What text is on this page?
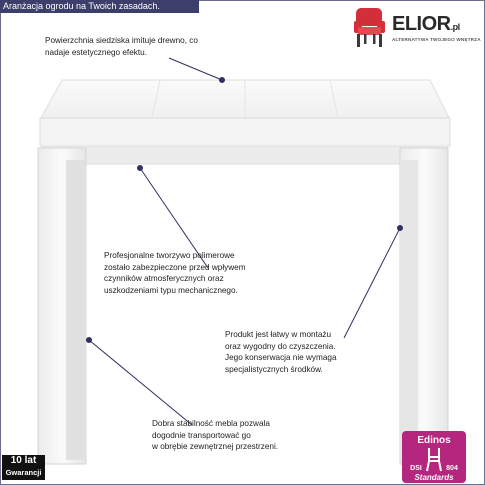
Aranżacja ogrodu na Twoich zasadach.
ELIOR.pl
ALTERNATYWA TWOJEGO WNĘTRZA
Powierzchnia siedziska imituje drewno, co
nadaje estetycznego efektu.
Profesjonalne tworzywo polimerowe
zostało zabezpieczone przed wpływem
czynników atmosferycznych oraz
uszkodzeniami typu mechanicznego.
Produkt jest łatwy w montażu
oraz wygodny do czyszczenia.
Jego konserwacja nie wymaga
specjalistycznych środków.
Dobra stabilność mebla pozwala
dogodnie transportować go
w obrębie zewnętrznej przestrzeni.
10 lat
Gwarancji
Edinos
DSI	804
Standards
